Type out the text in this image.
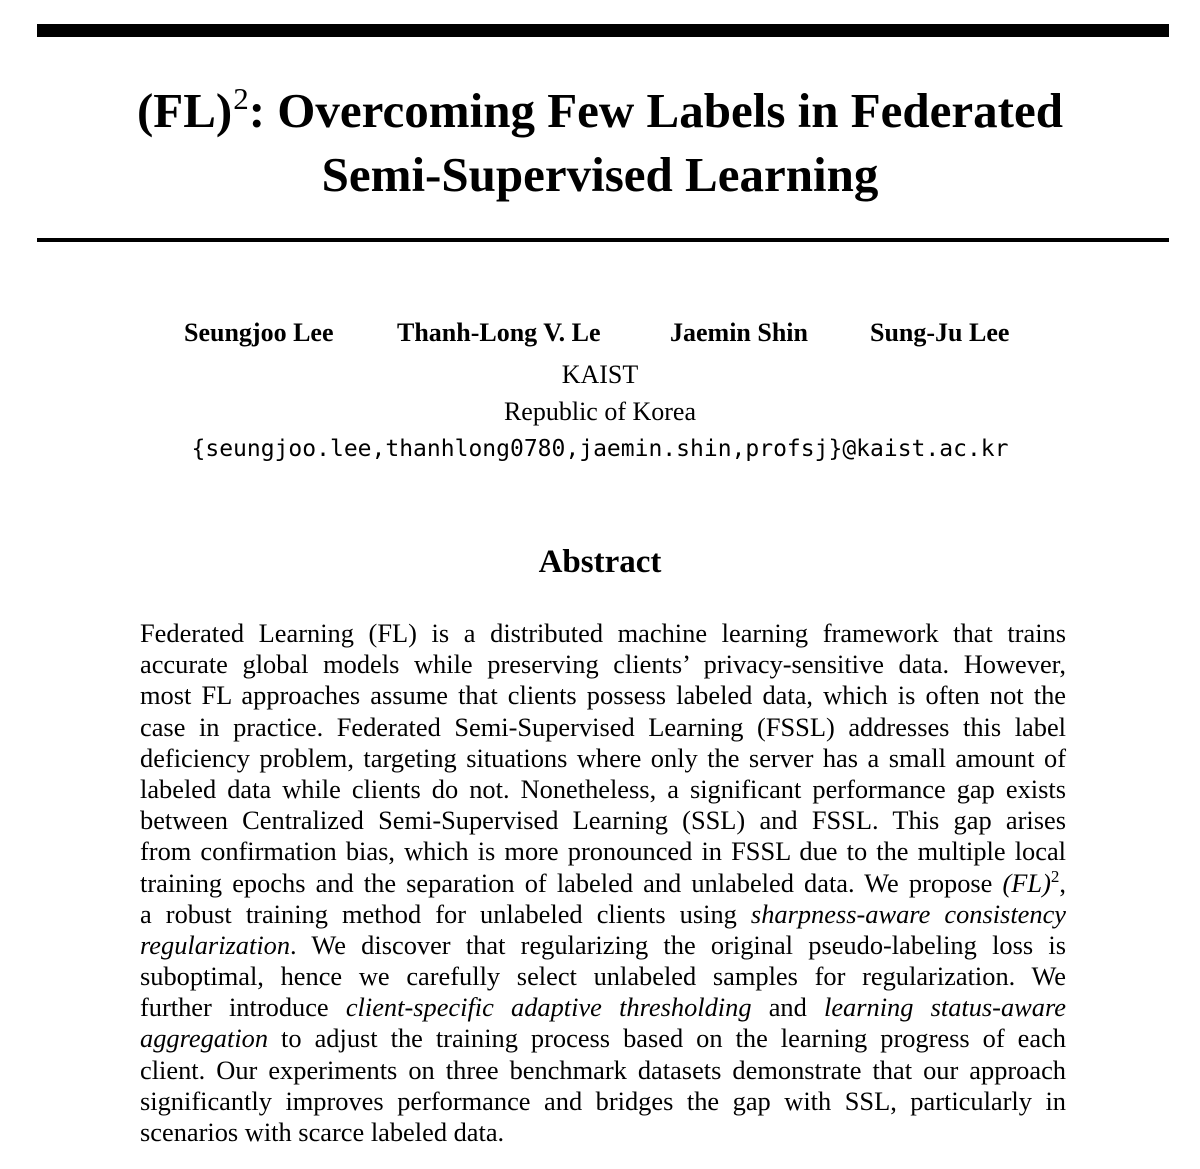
(FL)$^2$: Overcoming Few Labels in Federated
Semi-Supervised Learning
Seungjoo Lee Thanh-Long V. Le	Jaemin Shin Sung-Ju Lee
KAIST
Republic of Korea
{seungjoo.lee,thanhlong0780,jaemin.shin,profsj}@kaist.ac.kr
Abstract
Federated Learning (FL) is a distributed machine learning framework that trains
accurate global models while preserving clients’ privacy-sensitive data. However,
most FL approaches assume that clients possess labeled data, which is often not the
case in practice. Federated Semi-Supervised Learning (FSSL) addresses this label
deficiency problem, targeting situations where only the server has a small amount of
labeled data while clients do not. Nonetheless, a significant performance gap exists
between Centralized Semi-Supervised Learning (SSL) and FSSL. This gap arises
from confirmation bias, which is more pronounced in FSSL due to the multiple local
training epochs and the separation of labeled and unlabeled data. We propose (FL)$^2$,
a robust training method for unlabeled clients using sharpness-aware consistency
regularization. We discover that regularizing the original pseudo-labeling loss is
suboptimal, hence we carefully select unlabeled samples for regularization. We
further introduce client-specific adaptive thresholding and learning status-aware
aggregation to adjust the training process based on the learning progress of each
client. Our experiments on three benchmark datasets demonstrate that our approach
significantly improves performance and bridges the gap with SSL, particularly in
scenarios with scarce labeled data.
